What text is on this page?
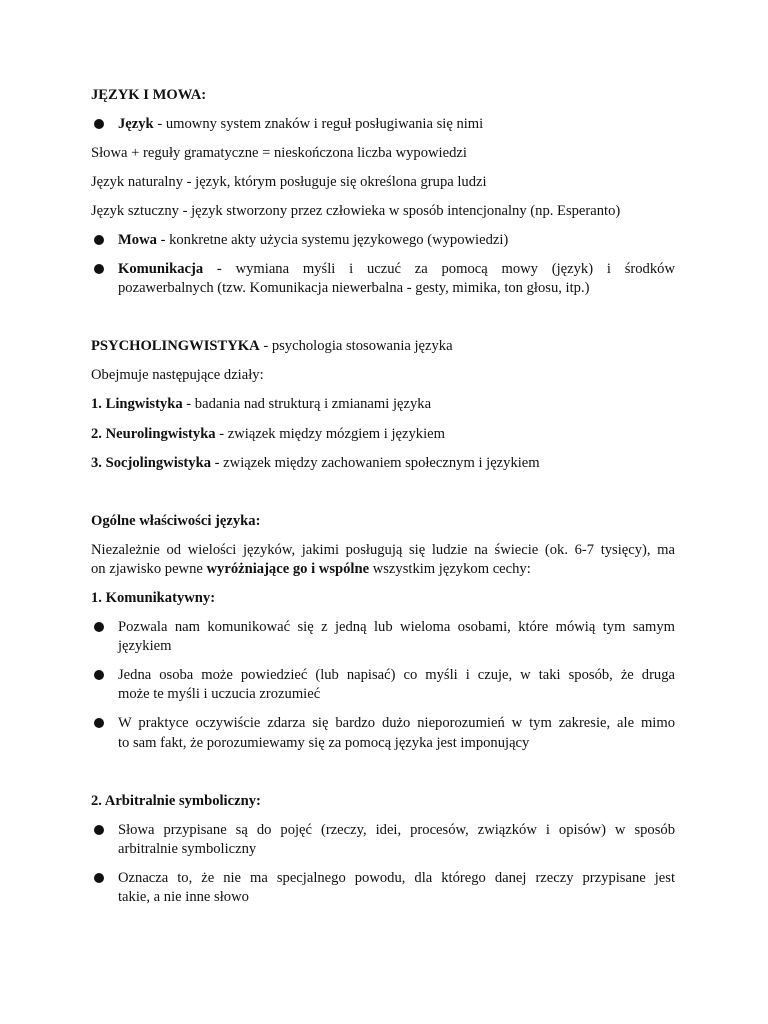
JĘZYK I MOWA:
Język - umowny system znaków i reguł posługiwania się nimi
Słowa + reguły gramatyczne = nieskończona liczba wypowiedzi
Język naturalny - język, którym posługuje się określona grupa ludzi
Język sztuczny - język stworzony przez człowieka w sposób intencjonalny (np. Esperanto)
Mowa - konkretne akty użycia systemu językowego (wypowiedzi)
Komunikacja - wymiana myśli i uczuć za pomocą mowy (język) i środków
pozawerbalnych (tzw. Komunikacja niewerbalna - gesty, mimika, ton głosu, itp.)
PSYCHOLINGWISTYKA - psychologia stosowania języka
Obejmuje następujące działy:
1. Lingwistyka - badania nad strukturą i zmianami języka
2. Neurolingwistyka - związek między mózgiem i językiem
3. Socjolingwistyka - związek między zachowaniem społecznym i językiem
Ogólne właściwości języka:
Niezależnie od wielości języków, jakimi posługują się ludzie na świecie (ok. 6-7 tysięcy), ma
on zjawisko pewne wyróżniające go i wspólne wszystkim językom cechy:
1. Komunikatywny:
Pozwala nam komunikować się z jedną lub wieloma osobami, które mówią tym samym
językiem
Jedna osoba może powiedzieć (lub napisać) co myśli i czuje, w taki sposób, że druga
może te myśli i uczucia zrozumieć
W praktyce oczywiście zdarza się bardzo dużo nieporozumień w tym zakresie, ale mimo
to sam fakt, że porozumiewamy się za pomocą języka jest imponujący
2. Arbitralnie symboliczny:
Słowa przypisane są do pojęć (rzeczy, idei, procesów, związków i opisów) w sposób
arbitralnie symboliczny
Oznacza to, że nie ma specjalnego powodu, dla którego danej rzeczy przypisane jest
takie, a nie inne słowo
